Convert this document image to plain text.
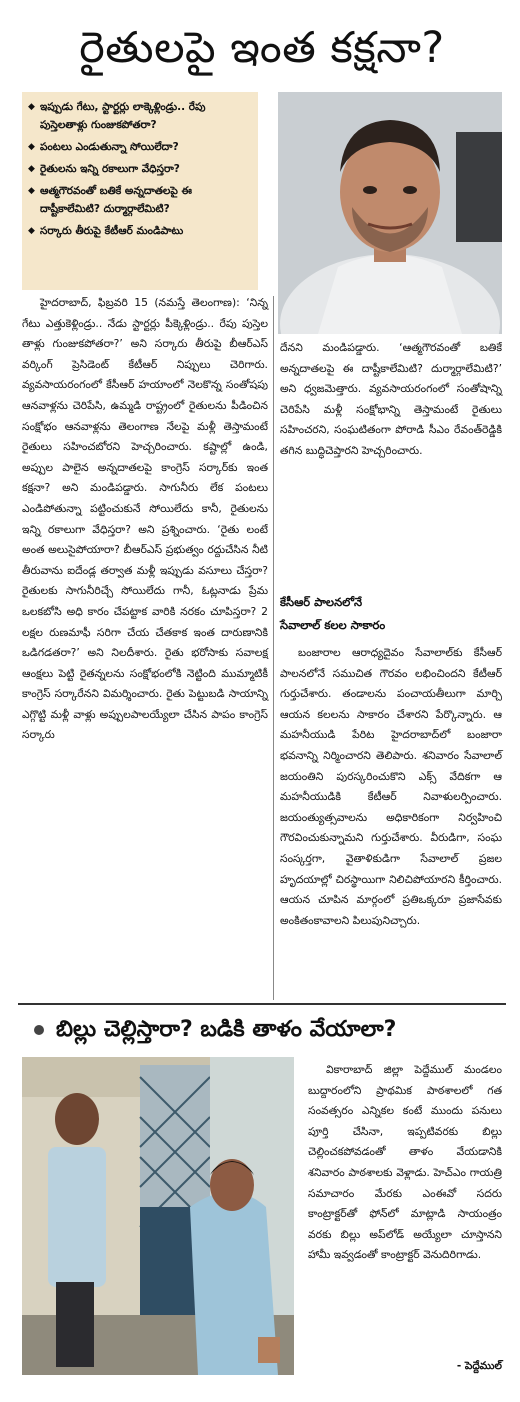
రైతులపై ఇంత కక్షనా?
◆ ఇప్పుడు గేటు, స్టార్టర్లు లాక్కెళ్లిండ్రు.. రేపు పుస్తెలతాళ్లు గుంజుకపోతరా?
◆ పంటలు ఎండుతున్నా సోయిలేదా?
◆ రైతులను ఇన్ని రకాలుగా వేధిస్తరా?
◆ ఆత్మగౌరవంతో బతికే అన్నదాతలపై ఈ దాష్టీకాలేమిటి? దుర్మార్గాలేమిటి?
◆ సర్కారు తీరుపై కేటీఆర్ మండిపాటు

హైదరాబాద్, ఫిబ్రవరి 15 (నమస్తే తెలంగాణ): ‘నిన్న గేటు ఎత్తుకెళ్లిండ్రు.. నేడు స్టార్టర్లు పీక్కెళ్లిండ్రు.. రేపు పుస్తెల తాళ్లు గుంజుకపోతరా?’ అని సర్కారు తీరుపై బీఆర్ఎస్ వర్కింగ్ ప్రెసిడెంట్ కేటీఆర్ నిప్పులు చెరిగారు. వ్యవసాయరంగంలో కేసీఆర్ హయాంలో నెలకొన్న సంతోషపు ఆనవాళ్లను చెరిపేసి, ఉమ్మడి రాష్ట్రంలో రైతులను పీడించిన సంక్షోభం ఆనవాళ్లను తెలంగాణ నేలపై మళ్లీ తెస్తామంటే రైతులు సహించబోరని హెచ్చరించారు. కష్టాల్లో ఉండి, అప్పుల పాలైన అన్నదాతలపై కాంగ్రెస్ సర్కార్‌కు ఇంత కక్షనా? అని మండిపడ్డారు. సాగునీరు లేక పంటలు ఎండిపోతున్నా పట్టించుకునే సోయిలేదు కానీ, రైతులను ఇన్ని రకాలుగా వేధిస్తరా? అని ప్రశ్నించారు. ‘రైతు లంటే అంత అలుసైపోయారా? బీఆర్ఎస్ ప్రభుత్వం రద్దుచేసిన నీటి తీరువాను ఐదేండ్ల తర్వాత మళ్లీ ఇప్పుడు వసూలు చేస్తరా? రైతులకు సాగునీరిచ్చే సోయిలేదు గానీ, ఓట్లనాడు ప్రేమ ఒలకబోసి అధి కారం చేపట్టాక వారికి నరకం చూపిస్తరా? 2 లక్షల రుణమాఫీ సరిగా చేయ చేతకాక ఇంత దారుణానికి ఒడిగడతరా?’ అని నిలదీశారు. రైతు భరోసాకు సవాలక్ష ఆంక్షలు పెట్టి రైతన్నలను సంక్షోభంలోకి నెట్టింది ముమ్మాటికీ కాంగ్రెస్ సర్కారేనని విమర్శించారు. రైతు పెట్టుబడి సాయాన్ని ఎగ్గొట్టి మళ్లీ వాళ్లు అప్పులపాలయ్యేలా చేసిన పాపం కాంగ్రెస్ సర్కారు

దేనని మండిపడ్డారు. ‘ఆత్మగౌరవంతో బతికే అన్నదాతలపై ఈ దాష్టీకాలేమిటి? దుర్మార్గాలేమిటి?’ అని ధ్వజమెత్తారు. వ్యవసాయరంగంలో సంతోషాన్ని చెరిపేసి మళ్లీ సంక్షోభాన్ని తెస్తామంటే రైతులు సహించరని, సంఘటితంగా పోరాడి సీఎం రేవంత్‌రెడ్డికి తగిన బుద్ధిచెప్తారని హెచ్చరించారు.

కేసీఆర్ పాలనలోనే
సేవాలాల్ కలల సాకారం

బంజారాల ఆరాధ్యదైవం సేవాలాల్‌కు కేసీఆర్ పాలనలోనే సముచిత గౌరవం లభించిందని కేటీఆర్ గుర్తుచేశారు. తండాలను పంచాయతీలుగా మార్చి ఆయన కలలను సాకారం చేశారని పేర్కొన్నారు. ఆ మహనీయుడి పేరిట హైదరాబాద్‌లో బంజారా భవనాన్ని నిర్మించారని తెలిపారు. శనివారం సేవాలాల్ జయంతిని పురస్కరించుకొని ఎక్స్ వేదికగా ఆ మహనీయుడికి కేటీఆర్ నివాళులర్పించారు. జయంత్యుత్సవాలను అధికారికంగా నిర్వహించి గౌరవించుకున్నామని గుర్తుచేశారు. వీరుడిగా, సంఘ సంస్కర్తగా, వైతాళికుడిగా సేవాలాల్ ప్రజల హృదయాల్లో చిరస్థాయిగా నిలిచిపోయారని కీర్తించారు. ఆయన చూపిన మార్గంలో ప్రతిఒక్కరూ ప్రజాసేవకు అంకితంకావాలని పిలుపునిచ్చారు.

బిల్లు చెల్లిస్తారా? బడికి తాళం వేయాలా?

వికారాబాద్ జిల్లా పెద్దేముల్ మండలం బుద్దారంలోని ప్రాథమిక పాఠశాలలో గత సంవత్సరం ఎన్నికల కంటే ముందు పనులు పూర్తి చేసినా, ఇప్పటివరకు బిల్లు చెల్లించకపోవడంతో తాళం వేయడానికి శనివారం పాఠశాలకు వెళ్లాడు. హెచ్‌ఎం గాయత్రి సమాచారం మేరకు ఎంఈవో సదరు కాంట్రాక్టర్‌తో ఫోన్‌లో మాట్లాడి సాయంత్రం వరకు బిల్లు అప్‌లోడ్ అయ్యేలా చూస్తానని హామీ ఇవ్వడంతో కాంట్రాక్టర్ వెనుదిరిగాడు.

- పెద్దేముల్
